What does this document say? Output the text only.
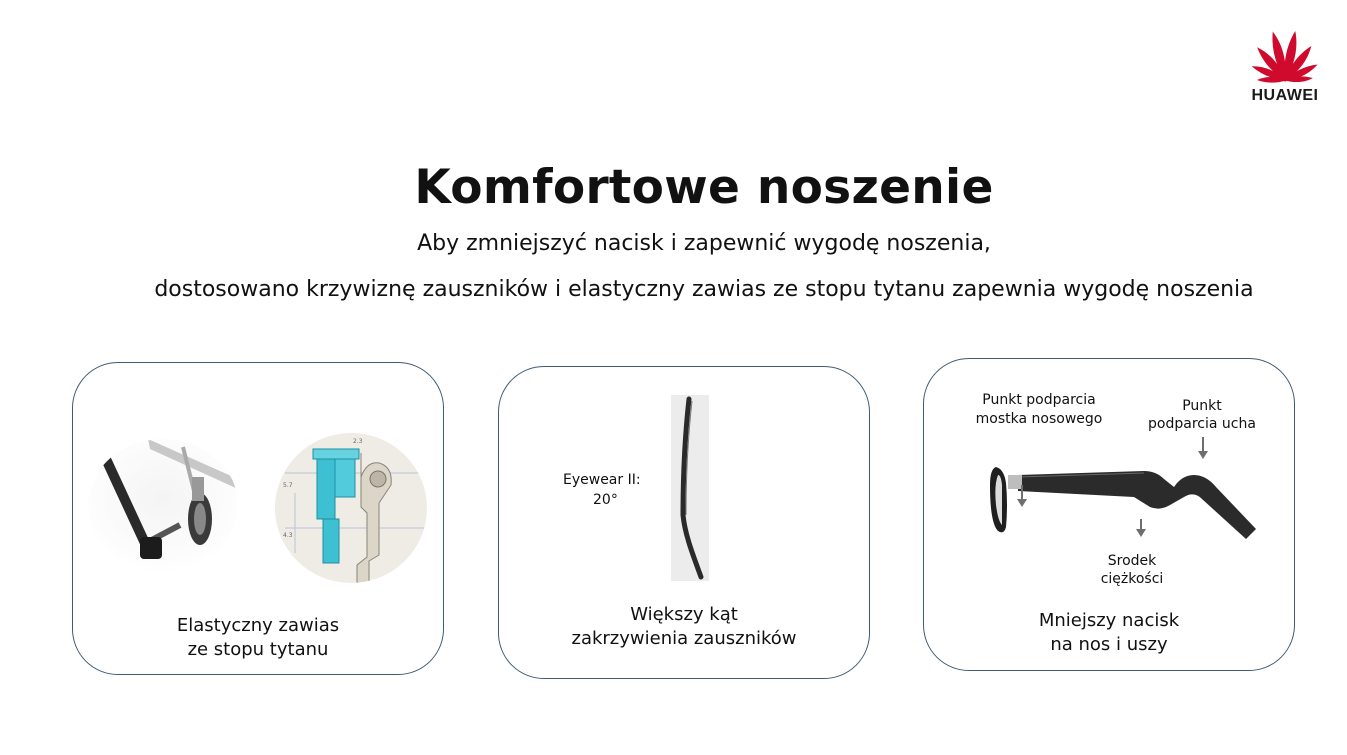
HUAWEI
Komfortowe noszenie
Aby zmniejszyć nacisk i zapewnić wygodę noszenia,
dostosowano krzywiznę zauszników i elastyczny zawias ze stopu tytanu zapewnia wygodę noszenia
5.7
4.3
2.3
Elastyczny zawias
ze stopu tytanu
Eyewear II:
20°
Większy kąt
zakrzywienia zauszników
Punkt podparcia
mostka nosowego
Punkt
podparcia ucha
Srodek
ciężkości
Mniejszy nacisk
na nos i uszy
